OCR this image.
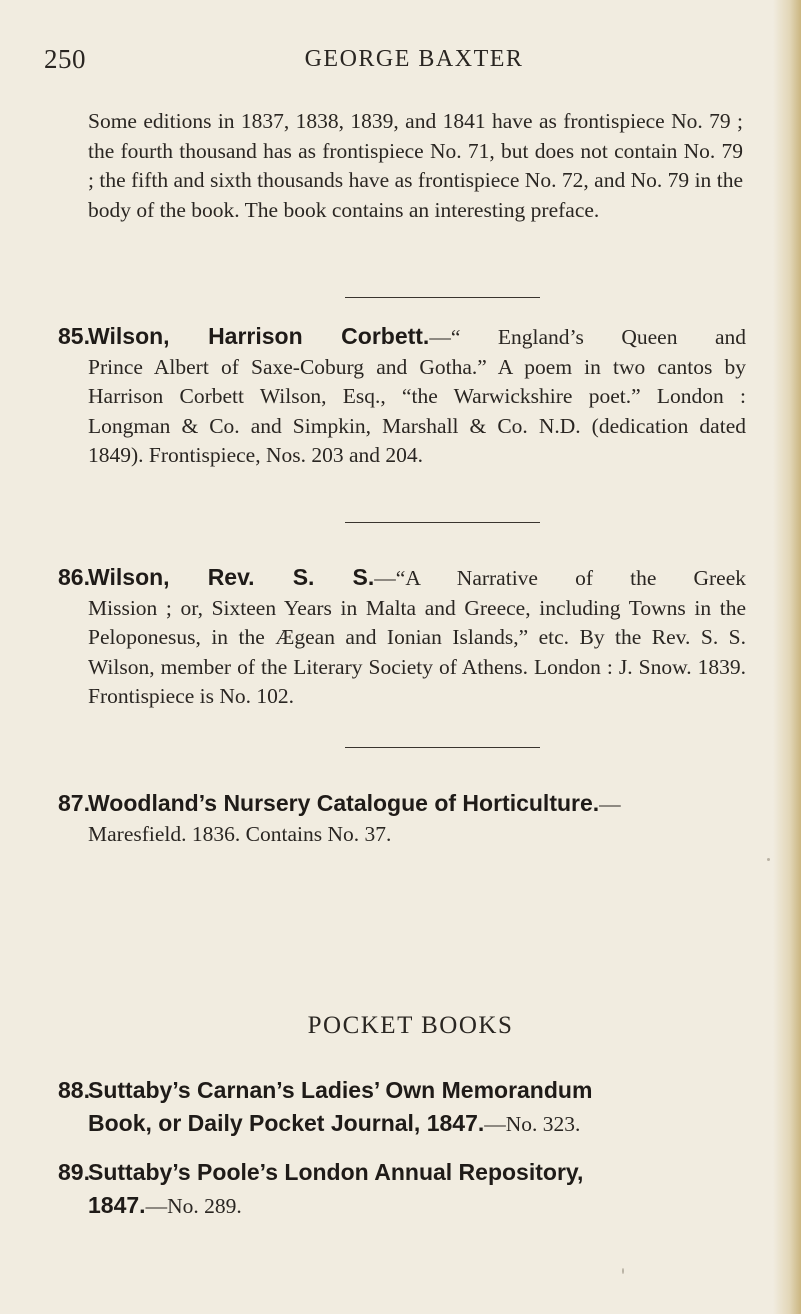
250	GEORGE BAXTER
Some editions in 1837, 1838, 1839, and 1841 have as frontispiece No. 79 ; the fourth thousand has as frontispiece No. 71, but does not contain No. 79 ; the fifth and sixth thousands have as frontispiece No. 72, and No. 79 in the body of the book. The book contains an interesting preface.
85.Wilson, Harrison Corbett.—“ England’s Queen and
Prince Albert of Saxe-Coburg and Gotha.” A poem in two cantos by Harrison Corbett Wilson, Esq., “the Warwickshire poet.” London : Longman & Co. and Simpkin, Marshall & Co. N.D. (dedication dated 1849). Frontispiece, Nos. 203 and 204.
86.Wilson, Rev. S. S.—“A Narrative of the Greek
Mission ; or, Sixteen Years in Malta and Greece, including Towns in the Peloponesus, in the Ægean and Ionian Islands,” etc. By the Rev. S. S. Wilson, member of the Literary Society of Athens. London : J. Snow. 1839. Frontispiece is No. 102.
87.Woodland’s Nursery Catalogue of Horticulture.—
Maresfield. 1836. Contains No. 37.
POCKET BOOKS
88.Suttaby’s Carnan’s Ladies’ Own Memorandum
Book, or Daily Pocket Journal, 1847.—No. 323.
89.Suttaby’s Poole’s London Annual Repository,
1847.—No. 289.
